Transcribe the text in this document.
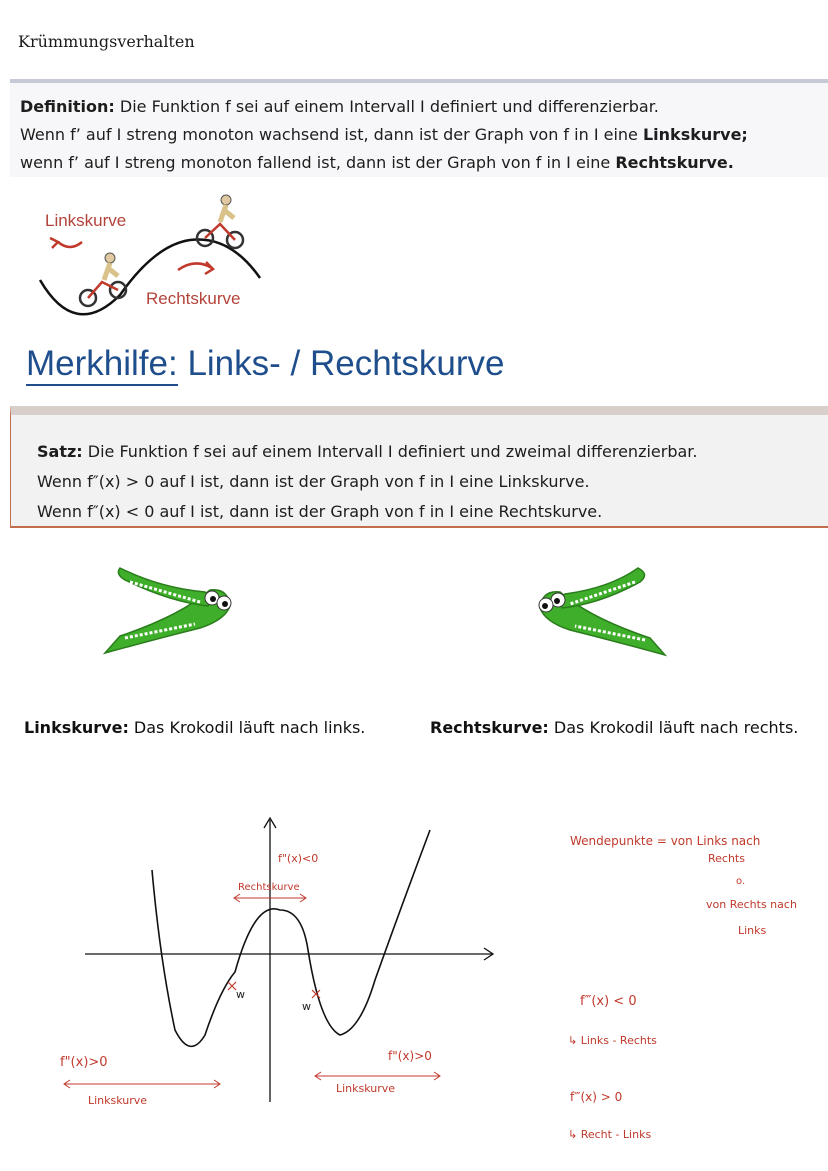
Krümmungsverhalten
Definition: Die Funktion f sei auf einem Intervall I definiert und differenzierbar.
Wenn f’ auf I streng monoton wachsend ist, dann ist der Graph von f in I eine Linkskurve;
wenn f’ auf I streng monoton fallend ist, dann ist der Graph von f in I eine Rechtskurve.
Linkskurve
Rechtskurve
Merkhilfe: Links- / Rechtskurve
Satz: Die Funktion f sei auf einem Intervall I definiert und zweimal differenzierbar.
Wenn f″(x) > 0 auf I ist, dann ist der Graph von f in I eine Linkskurve.
Wenn f″(x) < 0 auf I ist, dann ist der Graph von f in I eine Rechtskurve.
Linkskurve: Das Krokodil läuft nach links.	Rechtskurve: Das Krokodil läuft nach rechts.
f"(x)<0
Rechtskurve
w
w
f"(x)>0
Linkskurve
f"(x)>0
Linkskurve
Wendepunkte = von Links nach
Rechts
o.
von Rechts nach
Links
f‴(x) < 0
↳ Links - Rechts
f‴(x) > 0
↳ Recht - Links
